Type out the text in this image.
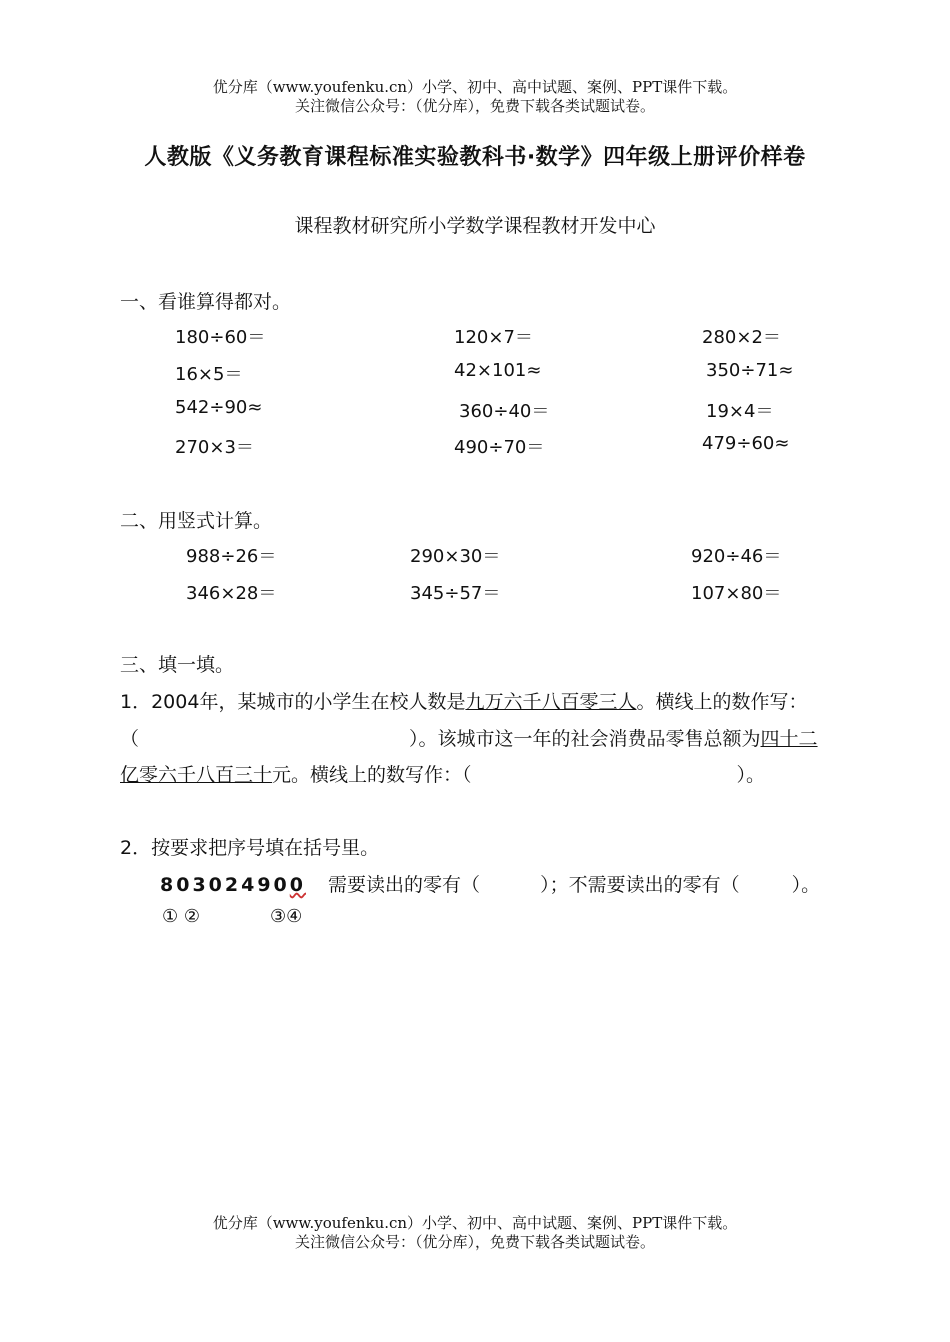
优分库（www.youfenku.cn）小学、初中、高中试题、案例、PPT课件下载。
关注微信公众号：（优分库），免费下载各类试题试卷。
人教版《义务教育课程标准实验教科书·数学》四年级上册评价样卷
课程教材研究所小学数学课程教材开发中心
一、看谁算得都对。
180÷60＝	120×7＝	280×2＝
16×5＝	42×101≈	350÷71≈
542÷90≈	360÷40＝	19×4＝
270×3＝	490÷70＝	479÷60≈
二、用竖式计算。
988÷26＝	290×30＝	920÷46＝
346×28＝	345÷57＝	107×80＝
三、填一填。
1．2004年，某城市的小学生在校人数是九万六千八百零三人。横线上的数作写：
（	）。该城市这一年的社会消费品零售总额为四十二
亿零六千八百三十元。横线上的数写作：（	）。
2．按要求把序号填在括号里。
803024900 需要读出的零有（	）；不需要读出的零有（	）。
① ②	③④
优分库（www.youfenku.cn）小学、初中、高中试题、案例、PPT课件下载。
关注微信公众号：（优分库），免费下载各类试题试卷。
